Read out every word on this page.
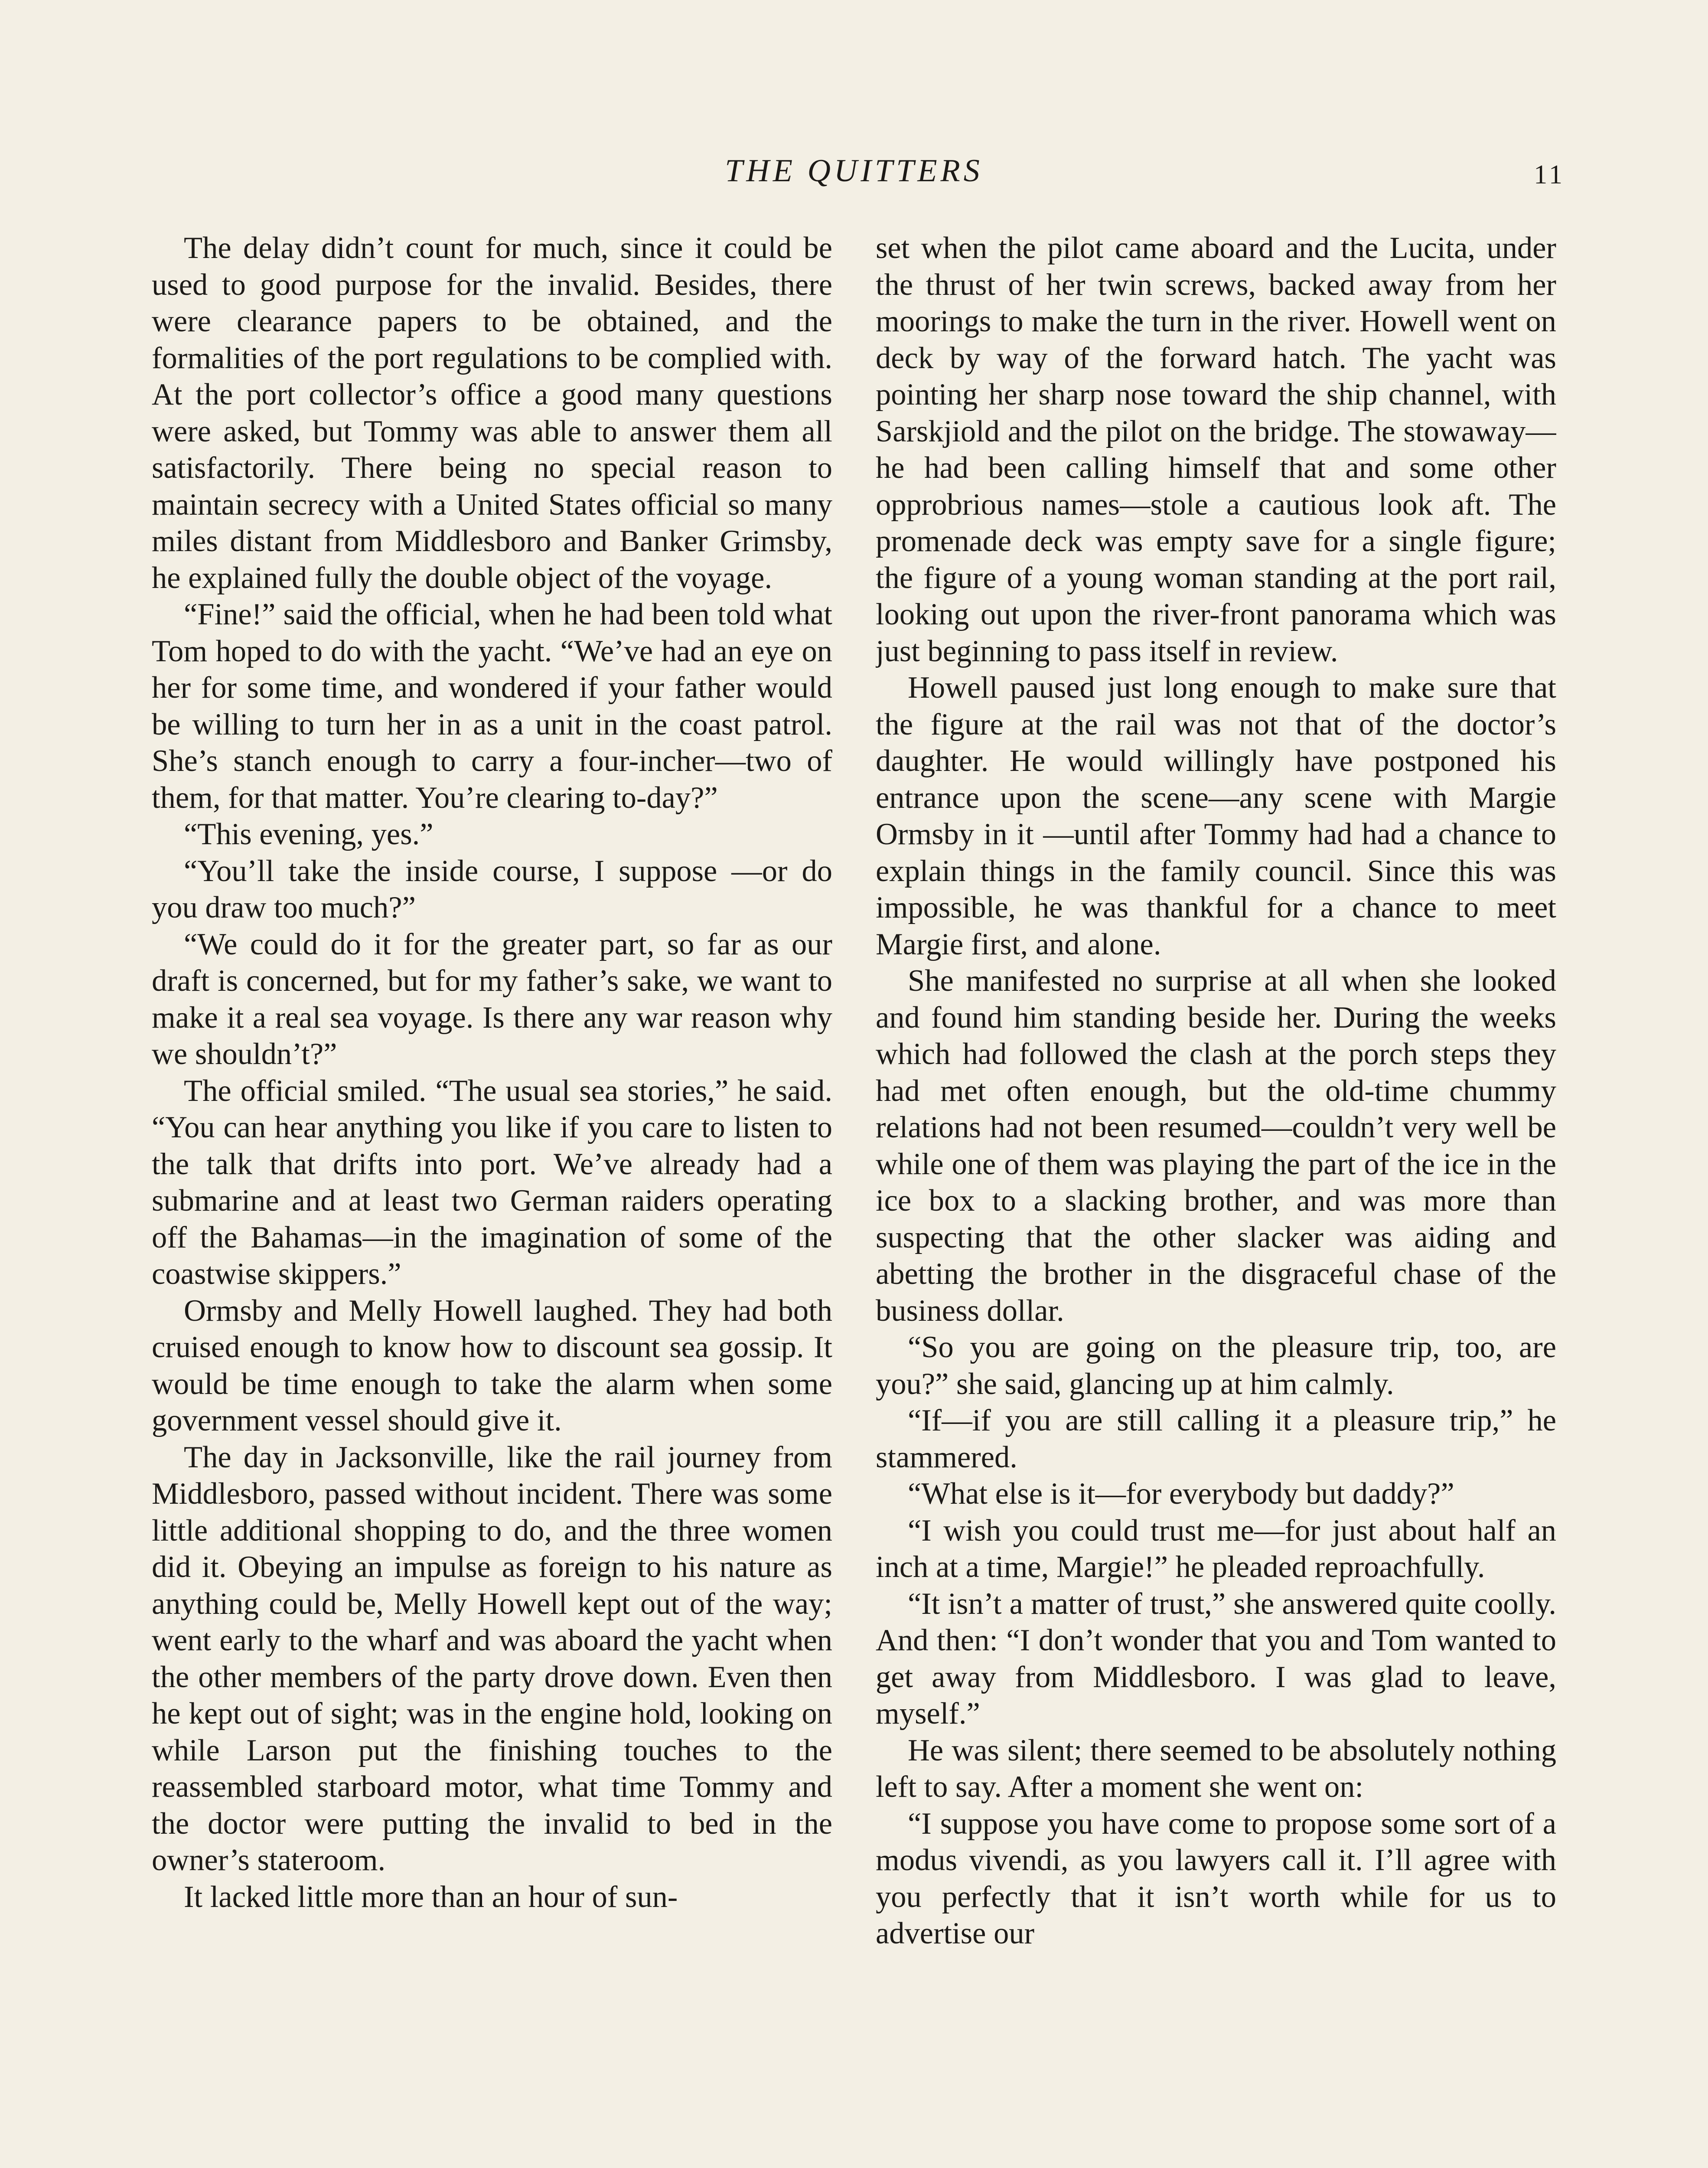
THE QUITTERS	11

The delay didn’t count for much, since it could be used to good purpose for the invalid. Besides, there were clearance papers to be obtained, and the formalities of the port regulations to be complied with. At the port collector’s office a good many questions were asked, but Tommy was able to answer them all satisfactorily. There being no special reason to maintain secrecy with a United States official so many miles distant from Middlesboro and Banker Grimsby, he explained fully the double object of the voyage.

“Fine!” said the official, when he had been told what Tom hoped to do with the yacht. “We’ve had an eye on her for some time, and wondered if your father would be willing to turn her in as a unit in the coast patrol. She’s stanch enough to carry a four-incher—two of them, for that matter. You’re clearing to-day?”

“This evening, yes.”

“You’ll take the inside course, I suppose —or do you draw too much?”

“We could do it for the greater part, so far as our draft is concerned, but for my father’s sake, we want to make it a real sea voyage. Is there any war reason why we shouldn’t?”

The official smiled. “The usual sea stories,” he said. “You can hear anything you like if you care to listen to the talk that drifts into port. We’ve already had a submarine and at least two German raiders operating off the Bahamas—in the imagination of some of the coastwise skippers.”

Ormsby and Melly Howell laughed. They had both cruised enough to know how to discount sea gossip. It would be time enough to take the alarm when some government vessel should give it.

The day in Jacksonville, like the rail journey from Middlesboro, passed without incident. There was some little additional shopping to do, and the three women did it. Obeying an impulse as foreign to his nature as anything could be, Melly Howell kept out of the way; went early to the wharf and was aboard the yacht when the other members of the party drove down. Even then he kept out of sight; was in the engine hold, looking on while Larson put the finishing touches to the reassembled starboard motor, what time Tommy and the doctor were putting the invalid to bed in the owner’s stateroom.

It lacked little more than an hour of sun-

set when the pilot came aboard and the Lucita, under the thrust of her twin screws, backed away from her moorings to make the turn in the river. Howell went on deck by way of the forward hatch. The yacht was pointing her sharp nose toward the ship channel, with Sarskjiold and the pilot on the bridge. The stowaway—he had been calling himself that and some other opprobrious names—stole a cautious look aft. The promenade deck was empty save for a single figure; the figure of a young woman standing at the port rail, looking out upon the river-front panorama which was just beginning to pass itself in review.

Howell paused just long enough to make sure that the figure at the rail was not that of the doctor’s daughter. He would willingly have postponed his entrance upon the scene—any scene with Margie Ormsby in it —until after Tommy had had a chance to explain things in the family council. Since this was impossible, he was thankful for a chance to meet Margie first, and alone.

She manifested no surprise at all when she looked and found him standing beside her. During the weeks which had followed the clash at the porch steps they had met often enough, but the old-time chummy relations had not been resumed—couldn’t very well be while one of them was playing the part of the ice in the ice box to a slacking brother, and was more than suspecting that the other slacker was aiding and abetting the brother in the disgraceful chase of the business dollar.

“So you are going on the pleasure trip, too, are you?” she said, glancing up at him calmly.

“If—if you are still calling it a pleasure trip,” he stammered.

“What else is it—for everybody but daddy?”

“I wish you could trust me—for just about half an inch at a time, Margie!” he pleaded reproachfully.

“It isn’t a matter of trust,” she answered quite coolly. And then: “I don’t wonder that you and Tom wanted to get away from Middlesboro. I was glad to leave, myself.”

He was silent; there seemed to be absolutely nothing left to say. After a moment she went on:

“I suppose you have come to propose some sort of a modus vivendi, as you lawyers call it. I’ll agree with you perfectly that it isn’t worth while for us to advertise our
